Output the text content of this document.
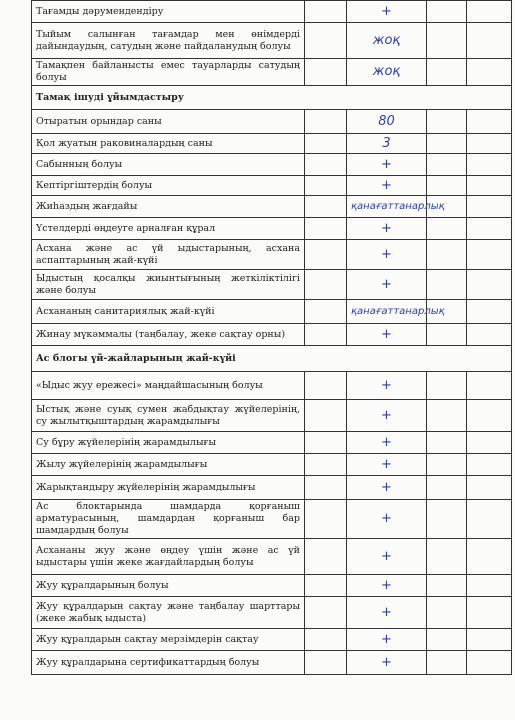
Тағамды дәрумендендіру		+		
Тыйым салынған тағамдар мен өнімдерді дайындаудың, сатудың және пайдаланудың болуы		жоқ		
Тамақпен байланысты емес тауарларды сатудың болуы		жоқ		
Тамақ ішуді ұйымдастыру				
Отыратын орындар саны		80		
Қол жуатын раковиналардың саны		3		
Сабынның болуы		+		
Кептіргіштердің болуы		+		
Жиһаздың жағдайы		қанағаттанарлық		
Үстелдерді өңдеуге арналған құрал		+		
Асхана және ас үй ыдыстарының, асхана аспаптарының жай-күйі		+		
Ыдыстың қосалқы жиынтығының жеткіліктілігі және болуы		+		
Асхананың санитариялық жай-күйі		қанағаттанарлық		
Жинау мүкәммалы (таңбалау, жеке сақтау орны)		+		
Ас блогы үй-жайларының жай-күйі				
«Ыдыс жуу ережесі» маңдайшасының болуы		+		
Ыстық және суық сумен жабдықтау жүйелерінің, су жылытқыштардың жарамдылығы		+		
Су бұру жүйелерінің жарамдылығы		+		
Жылу жүйелерінің жарамдылығы		+		
Жарықтандыру жүйелерінің жарамдылығы		+		
Ас блоктарында шамдарда қорғаныш арматурасының, шамдардан қорғаныш бар шамдардың болуы		+		
Асхананы жуу және өңдеу үшін және ас үй ыдыстары үшін жеке жағдайлардың болуы		+		
Жуу құралдарының болуы		+		
Жуу құралдарын сақтау және таңбалау шарттары (жеке жабық ыдыста)		+		
Жуу құралдарын сақтау мерзімдерін сақтау		+		
Жуу құралдарына сертификаттардың болуы		+		
